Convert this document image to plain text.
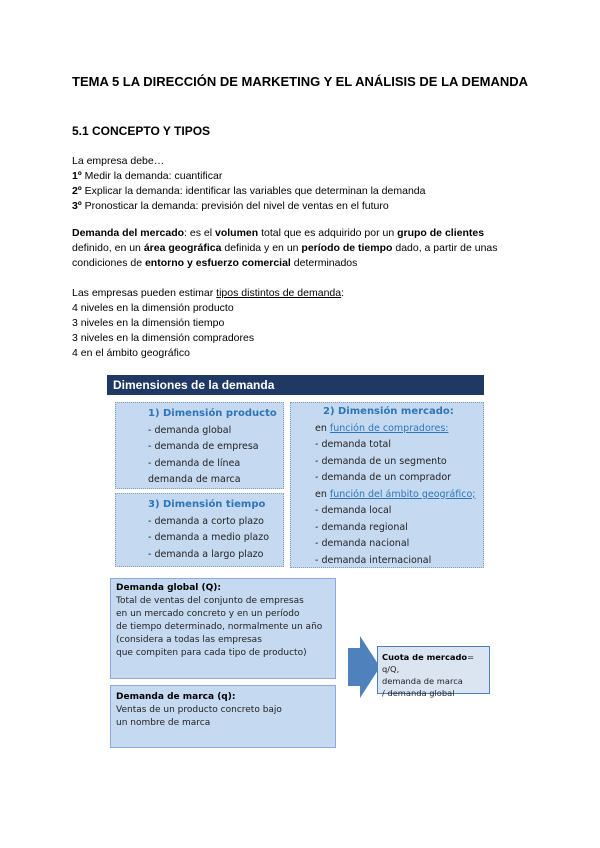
TEMA 5 LA DIRECCIÓN DE MARKETING Y EL ANÁLISIS DE LA DEMANDA
5.1 CONCEPTO Y TIPOS
La empresa debe…
1º Medir la demanda: cuantificar
2º Explicar la demanda: identificar las variables que determinan la demanda
3º Pronosticar la demanda: previsión del nivel de ventas en el futuro
Demanda del mercado: es el volumen total que es adquirido por un grupo de clientes
definido, en un área geográfica definida y en un período de tiempo dado, a partir de unas
condiciones de entorno y esfuerzo comercial determinados
Las empresas pueden estimar tipos distintos de demanda:
4 niveles en la dimensión producto
3 niveles en la dimensión tiempo
3 niveles en la dimensión compradores
4 en el ámbito geográfico
Dimensiones de la demanda
1) Dimensión producto
- demanda global
- demanda de empresa
- demanda de línea
demanda de marca
3) Dimensión tiempo
- demanda a corto plazo
- demanda a medio plazo
- demanda a largo plazo
2) Dimensión mercado:
en función de compradores:
- demanda total
- demanda de un segmento
- demanda de un comprador
en función del ámbito geográfico;
- demanda local
- demanda regional
- demanda nacional
- demanda internacional
Demanda global (Q):
Total de ventas del conjunto de empresas
en un mercado concreto y en un período
de tiempo determinado, normalmente un año
(considera a todas las empresas
que compiten para cada tipo de producto)
Demanda de marca (q):
Ventas de un producto concreto bajo
un nombre de marca
Cuota de mercado= q/Q,
demanda de marca
/ demanda global
